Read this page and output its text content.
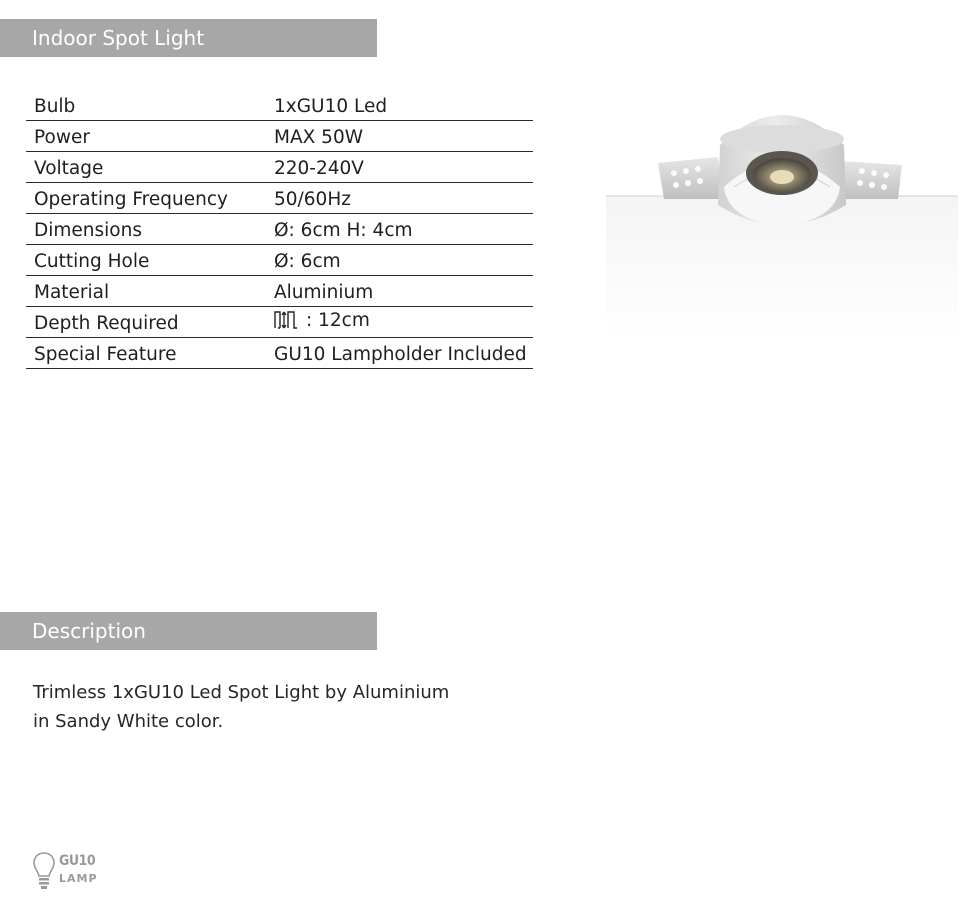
Indoor Spot Light
Bulb	1xGU10 Led
Power	MAX 50W
Voltage	220-240V
Operating Frequency	50/60Hz
Dimensions	Ø: 6cm H: 4cm
Cutting Hole	Ø: 6cm
Material	Aluminium
Depth Required	: 12cm
Special Feature	GU10 Lampholder Included
Description
Trimless 1xGU10 Led Spot Light by Aluminium
in Sandy White color.
GU10
LAMP
